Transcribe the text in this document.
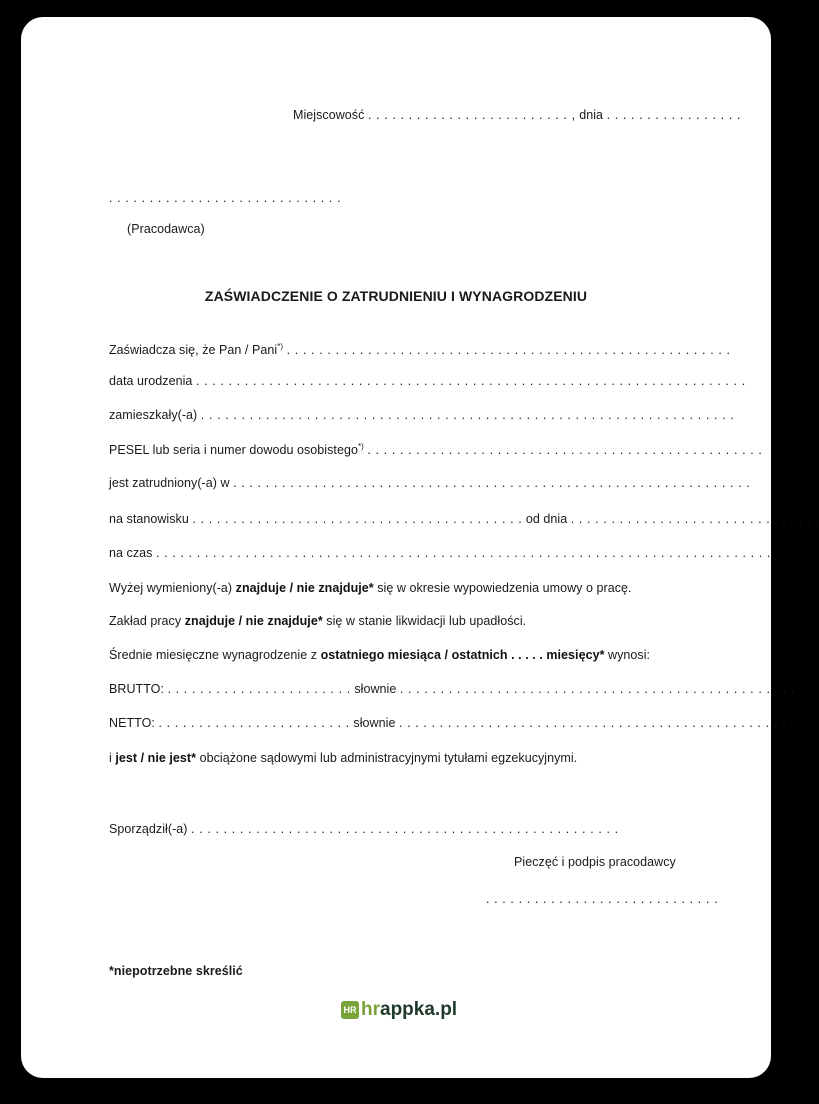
Miejscowość . . . . . . . . . . . . . . . . . . . . . . . . . , dnia . . . . . . . . . . . . . . . . .
. . . . . . . . . . . . . . . . . . . . . . . . . . . . .
(Pracodawca)
ZAŚWIADCZENIE O ZATRUDNIENIU I WYNAGRODZENIU
Zaświadcza się, że Pan / Pani*) . . . . . . . . . . . . . . . . . . . . . . . . . . . . . . . . . . . . . . . . . . . . . . . . . . . . . . .
data urodzenia . . . . . . . . . . . . . . . . . . . . . . . . . . . . . . . . . . . . . . . . . . . . . . . . . . . . . . . . . . . . . . . . . . . .
zamieszkały(-a) . . . . . . . . . . . . . . . . . . . . . . . . . . . . . . . . . . . . . . . . . . . . . . . . . . . . . . . . . . . . . . . . . .
PESEL lub seria i numer dowodu osobistego*) . . . . . . . . . . . . . . . . . . . . . . . . . . . . . . . . . . . . . . . . . . . . . . . . .
jest zatrudniony(-a) w . . . . . . . . . . . . . . . . . . . . . . . . . . . . . . . . . . . . . . . . . . . . . . . . . . . . . . . . . . . . . . . .
na stanowisku . . . . . . . . . . . . . . . . . . . . . . . . . . . . . . . . . . . . . . . . . od dnia . . . . . . . . . . . . . . . . . . . . . . . . . . . . . . .
na czas . . . . . . . . . . . . . . . . . . . . . . . . . . . . . . . . . . . . . . . . . . . . . . . . . . . . . . . . . . . . . . . . . . . . . . . . . . . .
Wyżej wymieniony(-a) znajduje / nie znajduje* się w okresie wypowiedzenia umowy o pracę.
Zakład pracy znajduje / nie znajduje* się w stanie likwidacji lub upadłości.
Średnie miesięczne wynagrodzenie z ostatniego miesiąca / ostatnich . . . . . miesięcy* wynosi:
BRUTTO: . . . . . . . . . . . . . . . . . . . . . . . słownie . . . . . . . . . . . . . . . . . . . . . . . . . . . . . . . . . . . . . . . . . . . . . . . . .
NETTO: . . . . . . . . . . . . . . . . . . . . . . . . słownie . . . . . . . . . . . . . . . . . . . . . . . . . . . . . . . . . . . . . . . . . . . . . . . . . .
i jest / nie jest* obciążone sądowymi lub administracyjnymi tytułami egzekucyjnymi.
Sporządził(-a) . . . . . . . . . . . . . . . . . . . . . . . . . . . . . . . . . . . . . . . . . . . . . . . . . . . . .
Pieczęć i podpis pracodawcy
. . . . . . . . . . . . . . . . . . . . . . . . . . . . .
*niepotrzebne skreślić
HR hr appka.pl
